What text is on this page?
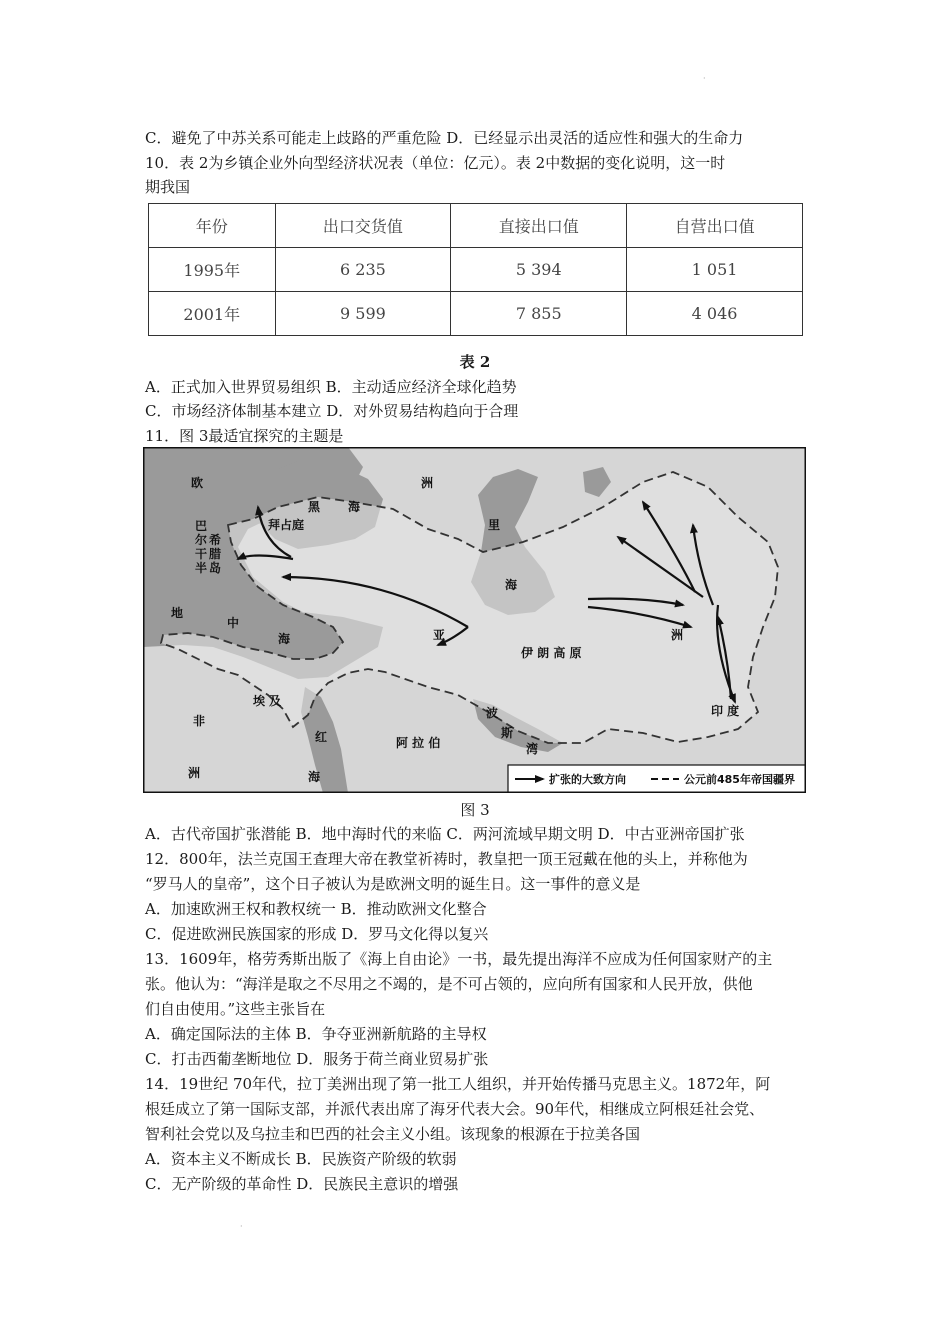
·
C．避免了中苏关系可能走上歧路的严重危险 D．已经显示出灵活的适应性和强大的生命力
10．表 2为乡镇企业外向型经济状况表（单位：亿元）。表 2中数据的变化说明，这一时
期我国
年份	出口交货值	直接出口值	自营出口值
1995年	6 235	5 394	1 051
2001年	9 599	7 855	4 046
表 2
A．正式加入世界贸易组织 B．主动适应经济全球化趋势
C．市场经济体制基本建立 D．对外贸易结构趋向于合理
11．图 3最适宜探究的主题是
欧	洲
拜占庭
黑 海
巴
尔
干
希
腊
半 岛
地
中
海
里
海
亚	洲
伊 朗 高 原
非
洲
埃 及
红
海
阿 拉 伯
波
斯
湾
印 度
扩张的大致方向	公元前485年帝国疆界
图 3
A．古代帝国扩张潜能 B．地中海时代的来临 C．两河流域早期文明 D．中古亚洲帝国扩张
12．800年，法兰克国王查理大帝在教堂祈祷时，教皇把一顶王冠戴在他的头上，并称他为
“罗马人的皇帝”，这个日子被认为是欧洲文明的诞生日。这一事件的意义是
A．加速欧洲王权和教权统一 B．推动欧洲文化整合
C．促进欧洲民族国家的形成 D．罗马文化得以复兴
13．1609年，格劳秀斯出版了《海上自由论》一书，最先提出海洋不应成为任何国家财产的主
张。他认为：“海洋是取之不尽用之不竭的，是不可占领的，应向所有国家和人民开放，供他
们自由使用。”这些主张旨在
A．确定国际法的主体 B．争夺亚洲新航路的主导权
C．打击西葡垄断地位 D．服务于荷兰商业贸易扩张
14．19世纪 70年代，拉丁美洲出现了第一批工人组织，并开始传播马克思主义。1872年，阿
根廷成立了第一国际支部，并派代表出席了海牙代表大会。90年代，相继成立阿根廷社会党、
智利社会党以及乌拉圭和巴西的社会主义小组。该现象的根源在于拉美各国
A．资本主义不断成长 B．民族资产阶级的软弱
C．无产阶级的革命性 D．民族民主意识的增强
·
